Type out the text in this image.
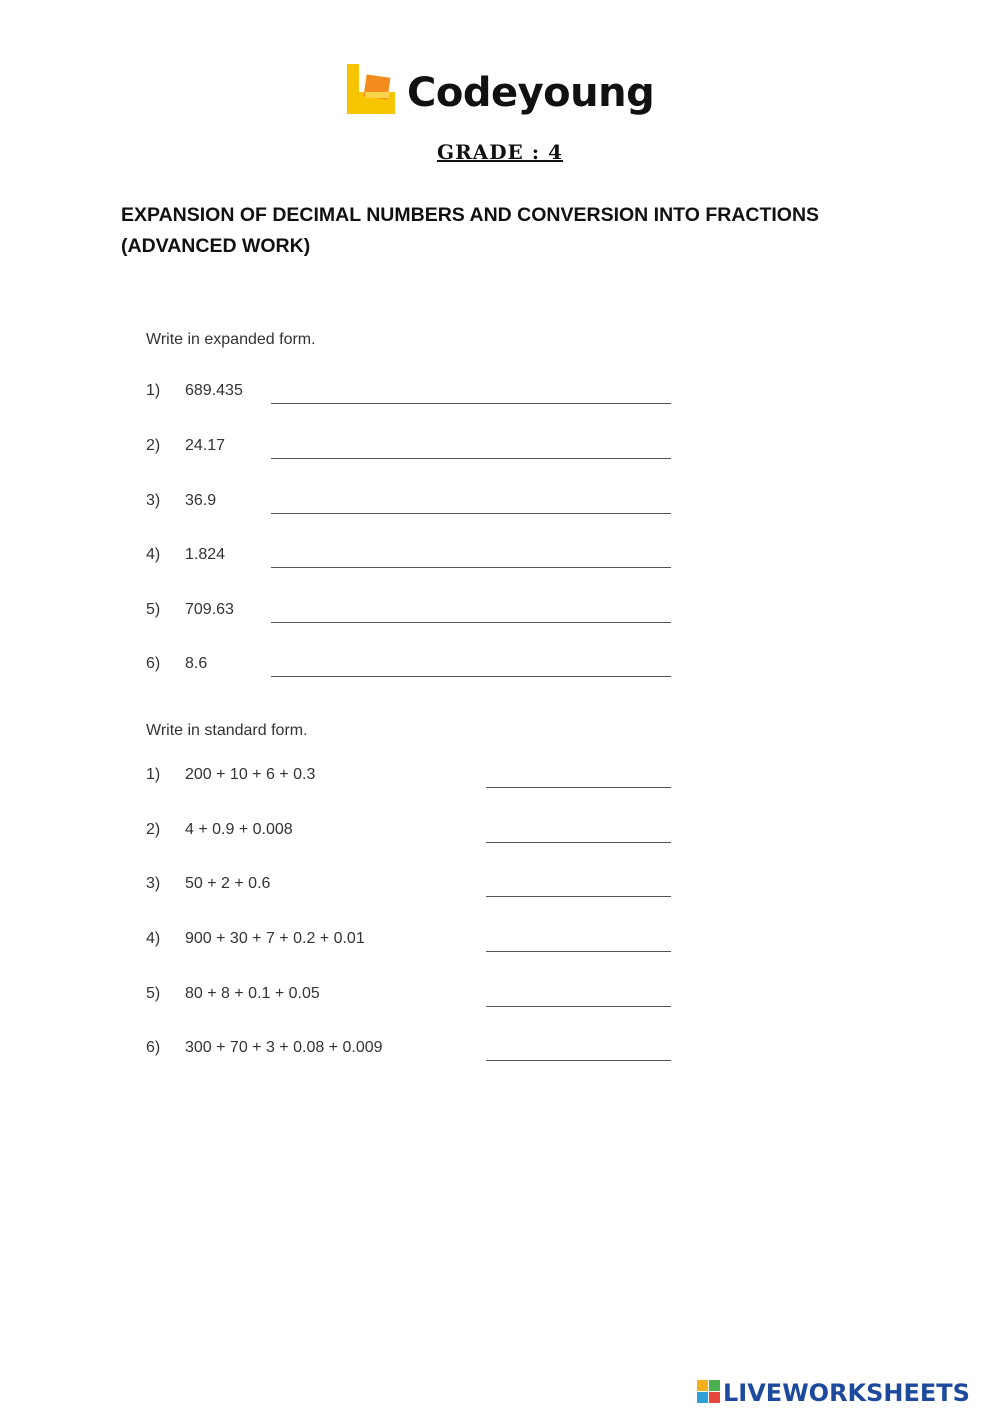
Codeyoung
GRADE : 4
EXPANSION OF DECIMAL NUMBERS AND CONVERSION INTO FRACTIONS
(ADVANCED WORK)
Write in expanded form.
1) 689.435
2) 24.17
3) 36.9
4) 1.824
5) 709.63
6) 8.6
Write in standard form.
1) 200 + 10 + 6 + 0.3
2) 4 + 0.9 + 0.008
3) 50 + 2 + 0.6
4) 900 + 30 + 7 + 0.2 + 0.01
5) 80 + 8 + 0.1 + 0.05
6) 300 + 70 + 3 + 0.08 + 0.009
LIVEWORKSHEETS
